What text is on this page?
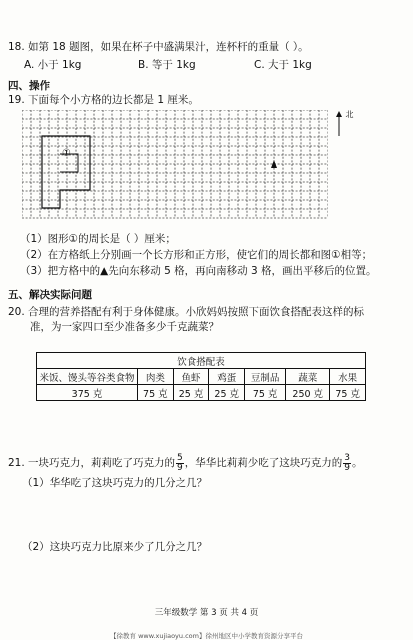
18. 如第 18 题图，如果在杯子中盛满果汁，连杯杆的重量（ ）。
A. 小于 1kg	B. 等于 1kg	C. 大于 1kg
四、操作
19. 下面每个小方格的边长都是 1 厘米。
①
北
（1）图形①的周长是（ ）厘米；
（2）在方格纸上分别画一个长方形和正方形，使它们的周长都和图①相等；
（3）把方格中的▲先向东移动 5 格，再向南移动 3 格，画出平移后的位置。
五、解决实际问题
20. 合理的营养搭配有利于身体健康。小欣妈妈按照下面饮食搭配表这样的标
准，为一家四口至少准备多少千克蔬菜？
饮食搭配表						
米饭、馒头等谷类食物	肉类	鱼虾	鸡蛋	豆制品	蔬菜	水果
375 克	75 克	25 克	25 克	75 克	250 克	75 克
21. 一块巧克力，莉莉吃了巧克力的 $\frac{5}{9}$ ，华华比莉莉少吃了这块巧克力的 $\frac{3}{9}$ 。
（1）华华吃了这块巧克力的几分之几？
（2）这块巧克力比原来少了几分之几？
三年级数学 第 3 页 共 4 页
【徐教育 www.xujiaoyu.com】徐州地区中小学教育资源分享平台
